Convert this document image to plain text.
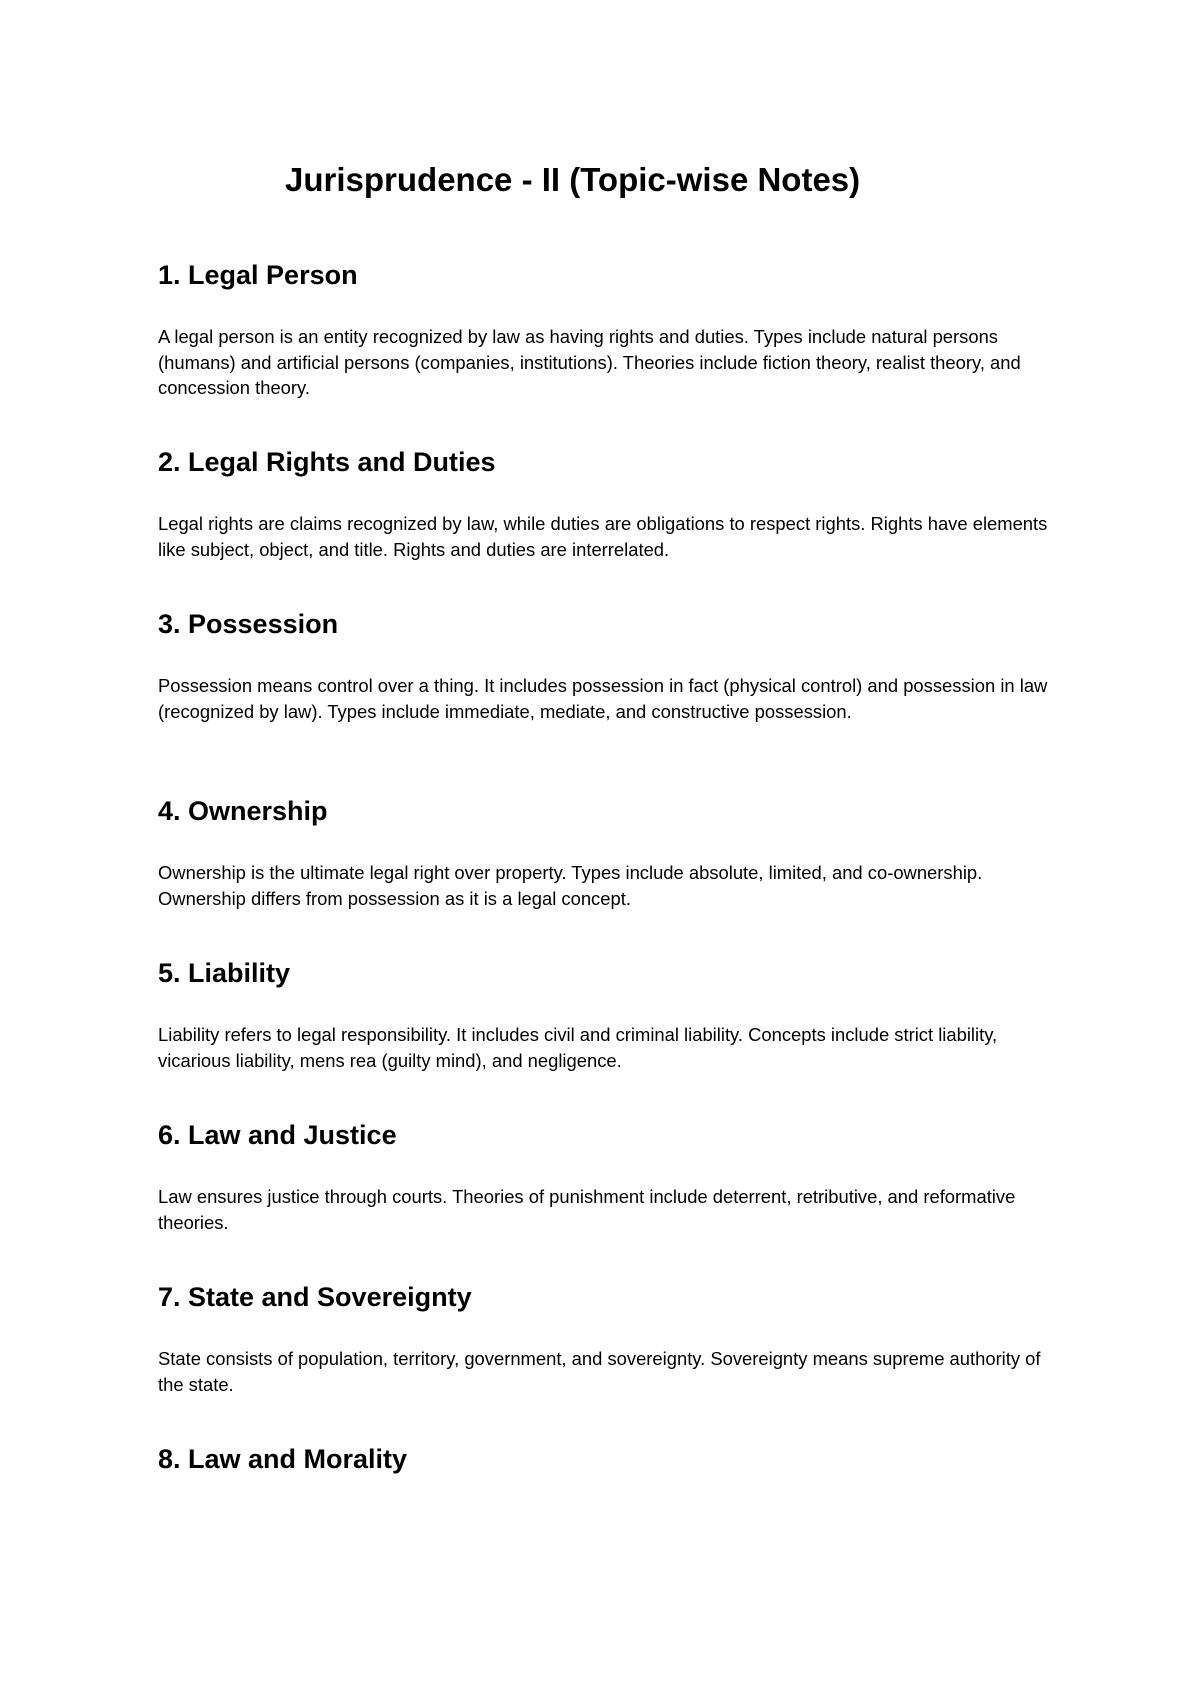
Jurisprudence - II (Topic-wise Notes)
1. Legal Person

A legal person is an entity recognized by law as having rights and duties. Types include natural persons (humans) and artificial persons (companies, institutions). Theories include fiction theory, realist theory, and concession theory.

2. Legal Rights and Duties

Legal rights are claims recognized by law, while duties are obligations to respect rights. Rights have elements like subject, object, and title. Rights and duties are interrelated.

3. Possession

Possession means control over a thing. It includes possession in fact (physical control) and possession in law (recognized by law). Types include immediate, mediate, and constructive possession.

4. Ownership

Ownership is the ultimate legal right over property. Types include absolute, limited, and co-ownership. Ownership differs from possession as it is a legal concept.

5. Liability

Liability refers to legal responsibility. It includes civil and criminal liability. Concepts include strict liability, vicarious liability, mens rea (guilty mind), and negligence.

6. Law and Justice

Law ensures justice through courts. Theories of punishment include deterrent, retributive, and reformative theories.

7. State and Sovereignty

State consists of population, territory, government, and sovereignty. Sovereignty means supreme authority of the state.

8. Law and Morality
